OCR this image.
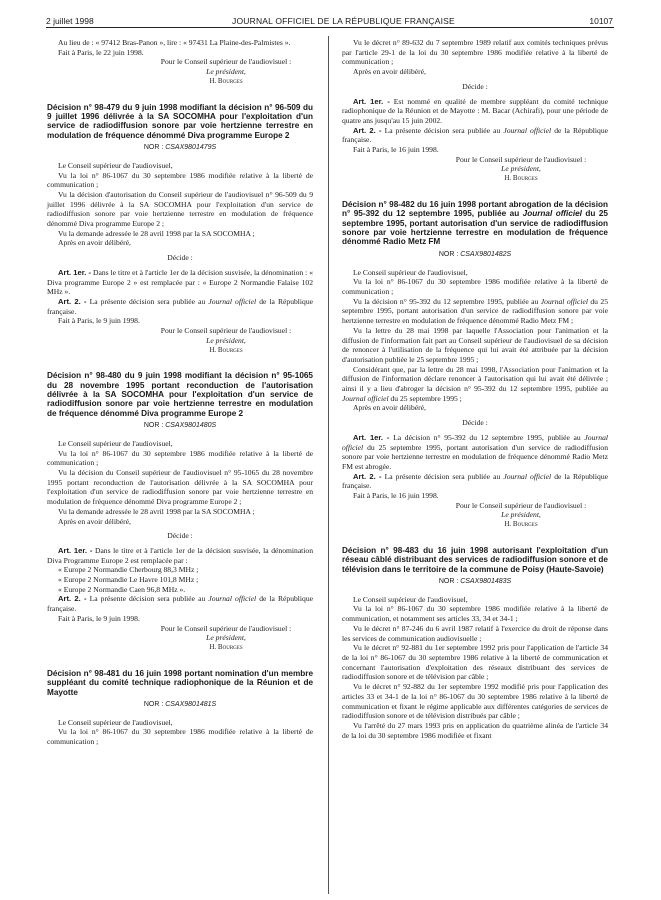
2 juillet 1998	JOURNAL OFFICIEL DE LA RÉPUBLIQUE FRANÇAISE	10107

Au lieu de : « 97412 Bras-Panon », lire : « 97431 La Plaine-des-Palmistes ».

Fait à Paris, le 22 juin 1998.

Pour le Conseil supérieur de l'audiovisuel :
Le président,
H. Bourges
Décision n° 98-479 du 9 juin 1998 modifiant la décision n° 96-509 du 9 juillet 1996 délivrée à la SA SOCOMHA pour l'exploitation d'un service de radiodiffusion sonore par voie hertzienne terrestre en modulation de fréquence dénommé Diva programme Europe 2
NOR : CSAX9801479S

Le Conseil supérieur de l'audiovisuel,

Vu la loi n° 86-1067 du 30 septembre 1986 modifiée relative à la liberté de communication ;

Vu la décision d'autorisation du Conseil supérieur de l'audiovisuel n° 96-509 du 9 juillet 1996 délivrée à la SA SOCOMHA pour l'exploitation d'un service de radiodiffusion sonore par voie hertzienne terrestre en modulation de fréquence dénommé Diva programme Europe 2 ;

Vu la demande adressée le 28 avril 1998 par la SA SOCOMHA ;

Après en avoir délibéré,

Décide :

Art. 1er. - Dans le titre et à l'article 1er de la décision susvisée, la dénomination : « Diva programme Europe 2 » est remplacée par : « Europe 2 Normandie Falaise 102 MHz ».

Art. 2. - La présente décision sera publiée au Journal officiel de la République française.

Fait à Paris, le 9 juin 1998.

Pour le Conseil supérieur de l'audiovisuel :
Le président,
H. Bourges
Décision n° 98-480 du 9 juin 1998 modifiant la décision n° 95-1065 du 28 novembre 1995 portant reconduction de l'autorisation délivrée à la SA SOCOMHA pour l'exploitation d'un service de radiodiffusion sonore par voie hertzienne terrestre en modulation de fréquence dénommé Diva programme Europe 2
NOR : CSAX9801480S

Le Conseil supérieur de l'audiovisuel,

Vu la loi n° 86-1067 du 30 septembre 1986 modifiée relative à la liberté de communication ;

Vu la décision du Conseil supérieur de l'audiovisuel n° 95-1065 du 28 novembre 1995 portant reconduction de l'autorisation délivrée à la SA SOCOMHA pour l'exploitation d'un service de radiodiffusion sonore par voie hertzienne terrestre en modulation de fréquence dénommé Diva programme Europe 2 ;

Vu la demande adressée le 28 avril 1998 par la SA SOCOMHA ;

Après en avoir délibéré,

Décide :

Art. 1er. - Dans le titre et à l'article 1er de la décision susvisée, la dénomination Diva Programme Europe 2 est remplacée par :

« Europe 2 Normandie Cherbourg 88,3 MHz ;

« Europe 2 Normandie Le Havre 101,8 MHz ;

« Europe 2 Normandie Caen 96,8 MHz ».

Art. 2. - La présente décision sera publiée au Journal officiel de la République française.

Fait à Paris, le 9 juin 1998.

Pour le Conseil supérieur de l'audiovisuel :
Le président,
H. Bourges
Décision n° 98-481 du 16 juin 1998 portant nomination d'un membre suppléant du comité technique radiophonique de la Réunion et de Mayotte
NOR : CSAX9801481S

Le Conseil supérieur de l'audiovisuel,

Vu la loi n° 86-1067 du 30 septembre 1986 modifiée relative à la liberté de communication ;

Vu le décret n° 89-632 du 7 septembre 1989 relatif aux comités techniques prévus par l'article 29-1 de la loi du 30 septembre 1986 modifiée relative à la liberté de communication ;

Après en avoir délibéré,

Décide :

Art. 1er. - Est nommé en qualité de membre suppléant du comité technique radiophonique de la Réunion et de Mayotte : M. Bacar (Achirafi), pour une période de quatre ans jusqu'au 15 juin 2002.

Art. 2. - La présente décision sera publiée au Journal officiel de la République française.

Fait à Paris, le 16 juin 1998.

Pour le Conseil supérieur de l'audiovisuel :
Le président,
H. Bourges
Décision n° 98-482 du 16 juin 1998 portant abrogation de la décision n° 95-392 du 12 septembre 1995, publiée au Journal officiel du 25 septembre 1995, portant autorisation d'un service de radiodiffusion sonore par voie hertzienne terrestre en modulation de fréquence dénommé Radio Metz FM
NOR : CSAX9801482S

Le Conseil supérieur de l'audiovisuel,

Vu la loi n° 86-1067 du 30 septembre 1986 modifiée relative à la liberté de communication ;

Vu la décision n° 95-392 du 12 septembre 1995, publiée au Journal officiel du 25 septembre 1995, portant autorisation d'un service de radiodiffusion sonore par voie hertzienne terrestre en modulation de fréquence dénommé Radio Metz FM ;

Vu la lettre du 28 mai 1998 par laquelle l'Association pour l'animation et la diffusion de l'information fait part au Conseil supérieur de l'audiovisuel de sa décision de renoncer à l'utilisation de la fréquence qui lui avait été attribuée par la décision d'autorisation publiée le 25 septembre 1995 ;

Considérant que, par la lettre du 28 mai 1998, l'Association pour l'animation et la diffusion de l'information déclare renoncer à l'autorisation qui lui avait été délivrée ; ainsi il y a lieu d'abroger la décision n° 95-392 du 12 septembre 1995, publiée au Journal officiel du 25 septembre 1995 ;

Après en avoir délibéré,

Décide :

Art. 1er. - La décision n° 95-392 du 12 septembre 1995, publiée au Journal officiel du 25 septembre 1995, portant autorisation d'un service de radiodiffusion sonore par voie hertzienne terrestre en modulation de fréquence dénommé Radio Metz FM est abrogée.

Art. 2. - La présente décision sera publiée au Journal officiel de la République française.

Fait à Paris, le 16 juin 1998.

Pour le Conseil supérieur de l'audiovisuel :
Le président,
H. Bourges
Décision n° 98-483 du 16 juin 1998 autorisant l'exploitation d'un réseau câblé distribuant des services de radiodiffusion sonore et de télévision dans le territoire de la commune de Poisy (Haute-Savoie)
NOR : CSAX9801483S

Le Conseil supérieur de l'audiovisuel,

Vu la loi n° 86-1067 du 30 septembre 1986 modifiée relative à la liberté de communication, et notamment ses articles 33, 34 et 34-1 ;

Vu le décret n° 87-246 du 6 avril 1987 relatif à l'exercice du droit de réponse dans les services de communication audiovisuelle ;

Vu le décret n° 92-881 du 1er septembre 1992 pris pour l'application de l'article 34 de la loi n° 86-1067 du 30 septembre 1986 relative à la liberté de communication et concernant l'autorisation d'exploitation des réseaux distribuant des services de radiodiffusion sonore et de télévision par câble ;

Vu le décret n° 92-882 du 1er septembre 1992 modifié pris pour l'application des articles 33 et 34-1 de la loi n° 86-1067 du 30 septembre 1986 relative à la liberté de communication et fixant le régime applicable aux différentes catégories de services de radiodiffusion sonore et de télévision distribués par câble ;

Vu l'arrêté du 27 mars 1993 pris en application du quatrième alinéa de l'article 34 de la loi du 30 septembre 1986 modifiée et fixant
